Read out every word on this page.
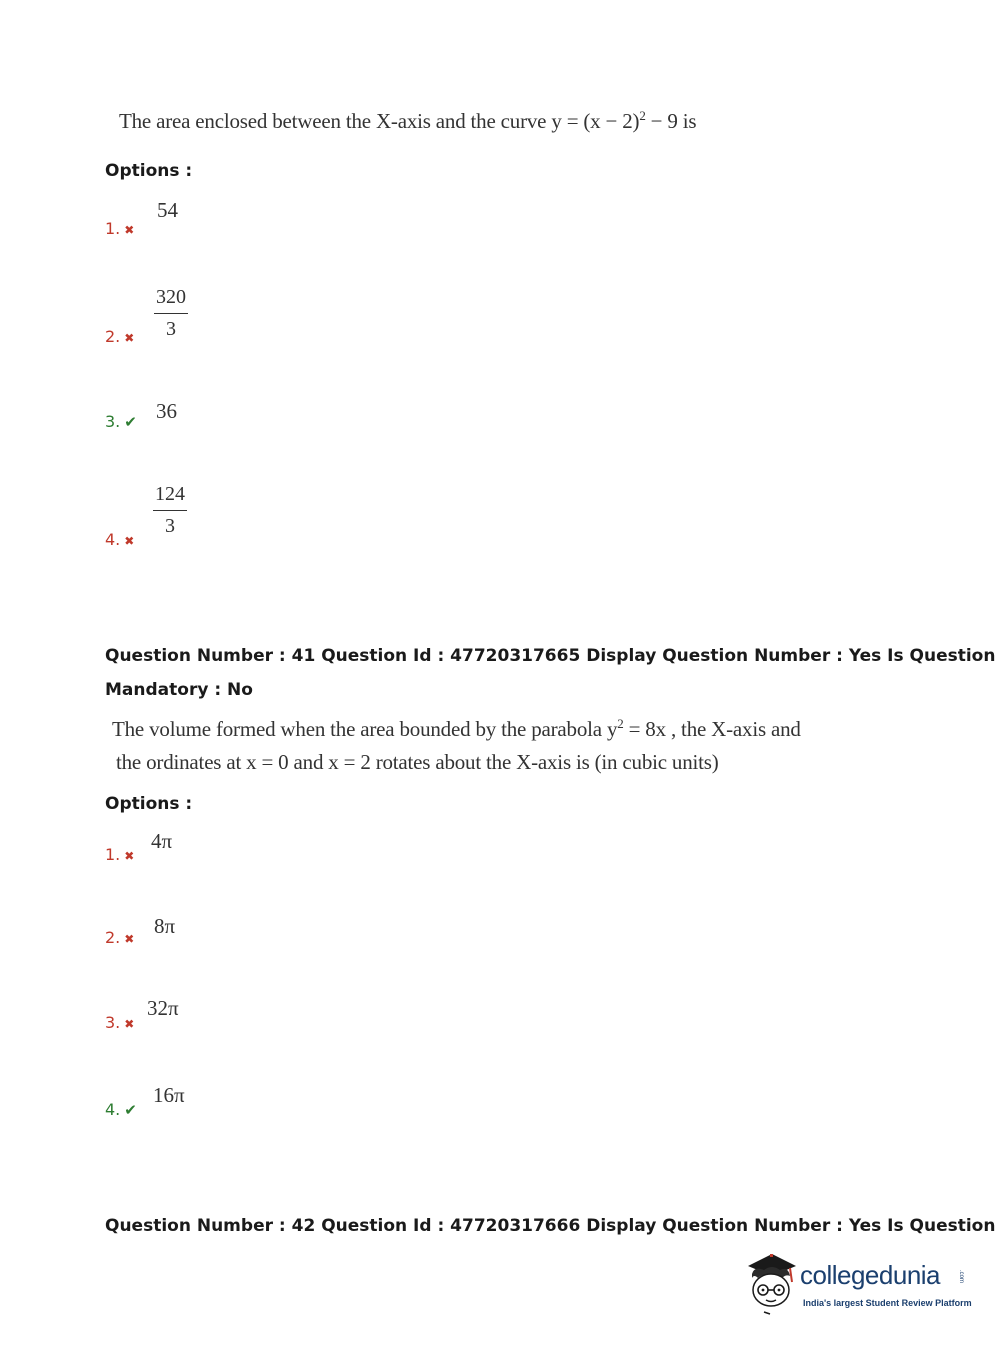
The area enclosed between the X-axis and the curve $y = (x - 2)^2 - 9$ is
Options :
1. ✖
54
2. ✖ $\frac{320}{3}$
3. ✔ 36
4. ✖
$\frac{124}{3}$
Question Number : 41 Question Id : 47720317665 Display Question Number : Yes Is Question
Mandatory : No
The volume formed when the area bounded by the parabola $y^2 = 8x$ , the X-axis and
the ordinates at x = 0 and x = 2 rotates about the X-axis is (in cubic units)
Options :
1. ✖
4π
2. ✖
8π
3. ✖
32π
4. ✔
16π
Question Number : 42 Question Id : 47720317666 Display Question Number : Yes Is Question
collegedunia	.com
India's largest Student Review Platform
